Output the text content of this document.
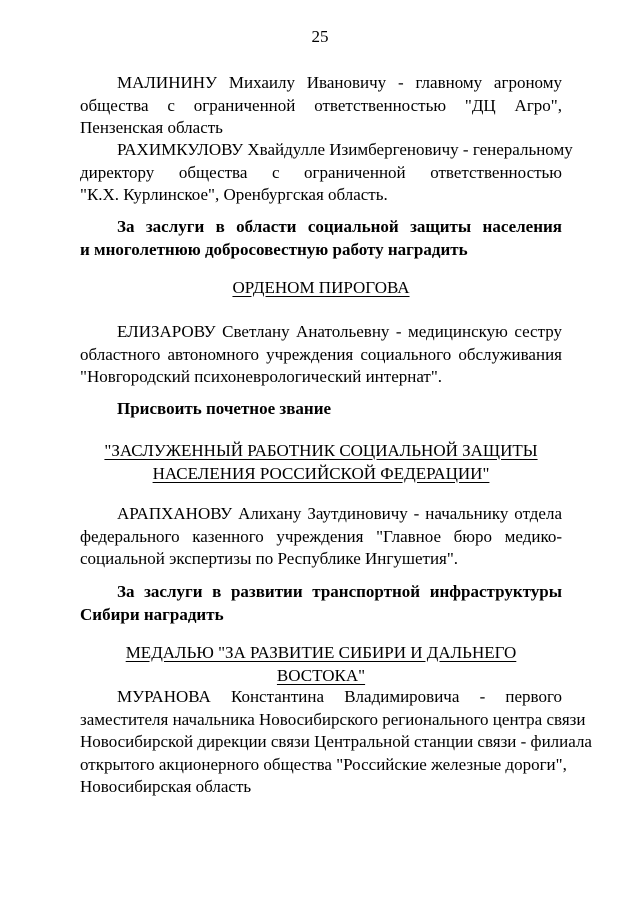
25
МАЛИНИНУ Михаилу Ивановичу - главному агроному
общества с ограниченной ответственностью "ДЦ Агро",
Пензенская область
РАХИМКУЛОВУ Хвайдулле Изимбергеновичу - генеральному
директору общества с ограниченной ответственностью
"К.Х. Курлинское", Оренбургская область.
За заслуги в области социальной защиты населения
и многолетнюю добросовестную работу наградить
ОРДЕНОМ ПИРОГОВА
ЕЛИЗАРОВУ Светлану Анатольевну - медицинскую сестру
областного автономного учреждения социального обслуживания
"Новгородский психоневрологический интернат".
Присвоить почетное звание
"ЗАСЛУЖЕННЫЙ РАБОТНИК СОЦИАЛЬНОЙ ЗАЩИТЫ
НАСЕЛЕНИЯ РОССИЙСКОЙ ФЕДЕРАЦИИ"
АРАПХАНОВУ Алихану Заутдиновичу - начальнику отдела
федерального казенного учреждения "Главное бюро медико-
социальной экспертизы по Республике Ингушетия".
За заслуги в развитии транспортной инфраструктуры
Сибири наградить
МЕДАЛЬЮ "ЗА РАЗВИТИЕ СИБИРИ И ДАЛЬНЕГО ВОСТОКА"
МУРАНОВА Константина Владимировича - первого
заместителя начальника Новосибирского регионального центра связи
Новосибирской дирекции связи Центральной станции связи - филиала
открытого акционерного общества "Российские железные дороги",
Новосибирская область
